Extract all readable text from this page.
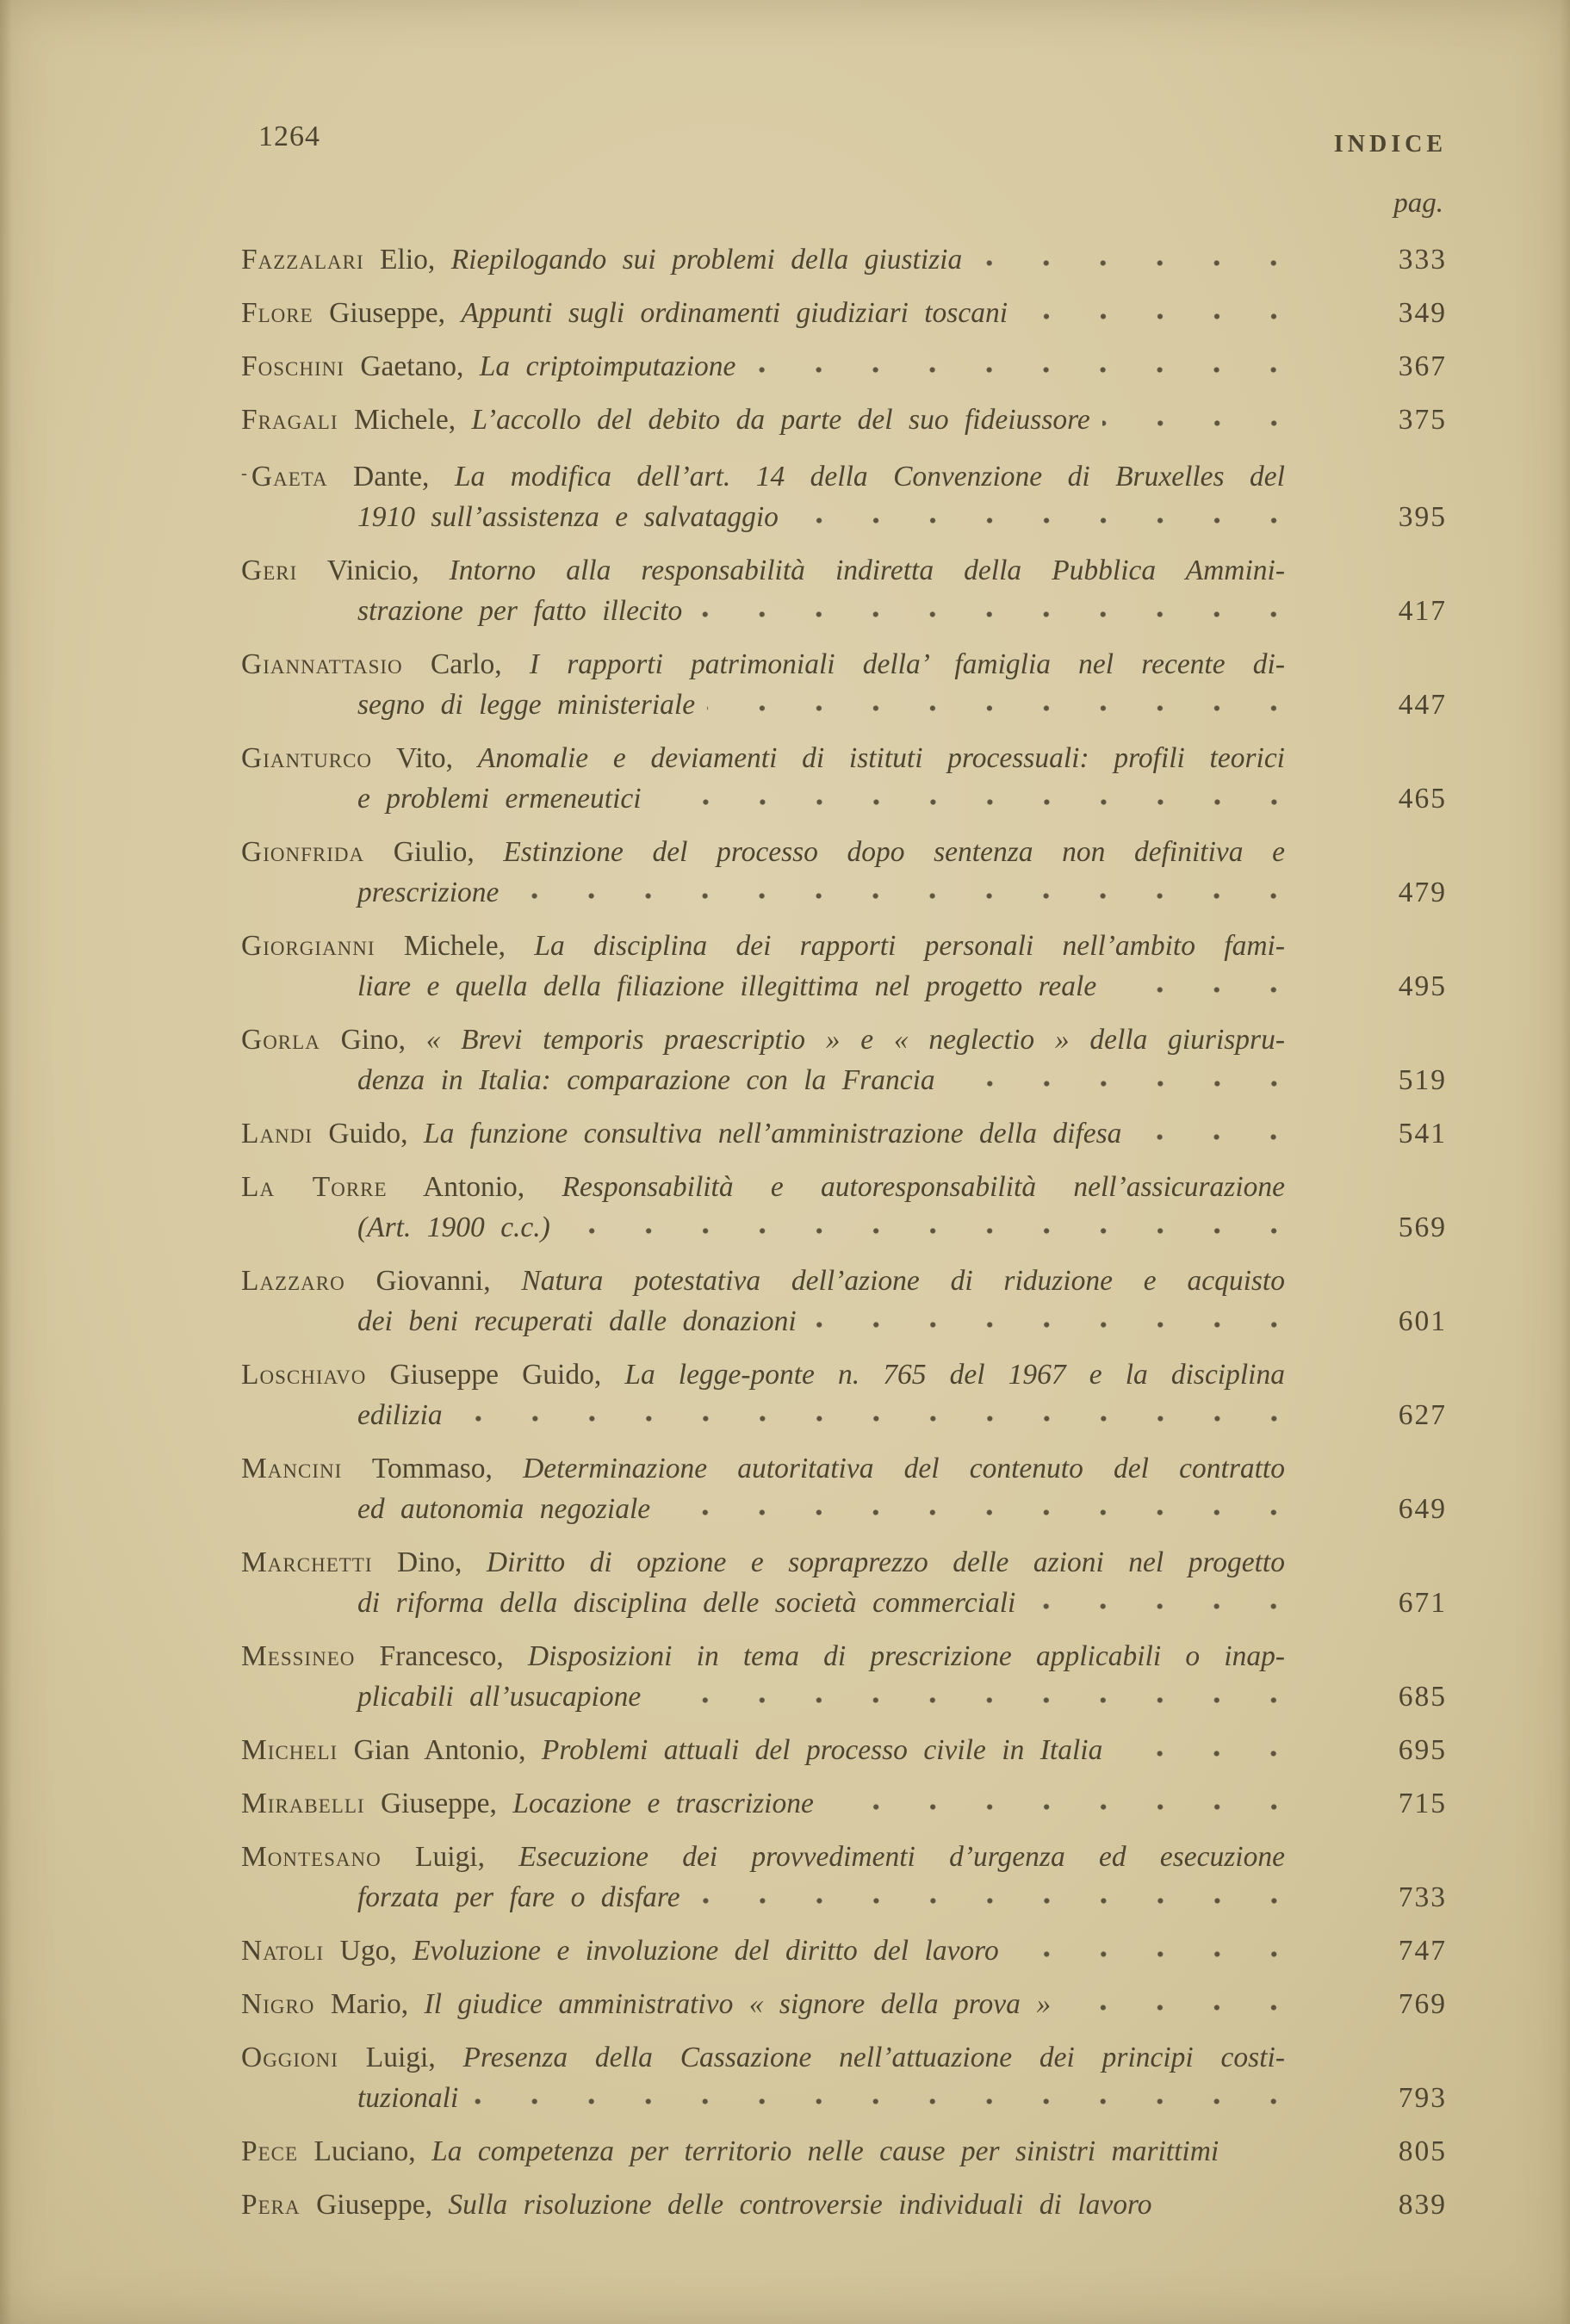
1264	INDICE
pag.
Fazzalari Elio, Riepilogando sui problemi della giustizia	333
Flore Giuseppe, Appunti sugli ordinamenti giudiziari toscani	349
Foschini Gaetano, La criptoimputazione	367
Fragali Michele, L’accollo del debito da parte del suo fideiussore	375
- Gaeta Dante, La modifica dell’art. 14 della Convenzione di Bruxelles del
1910 sull’assistenza e salvataggio	395
Geri Vinicio, Intorno alla responsabilità indiretta della Pubblica Ammini-
strazione per fatto illecito	417
Giannattasio Carlo, I rapporti patrimoniali della’ famiglia nel recente di-
segno di legge ministeriale	447
Gianturco Vito, Anomalie e deviamenti di istituti processuali: profili teorici
e problemi ermeneutici	465
Gionfrida Giulio, Estinzione del processo dopo sentenza non definitiva e
prescrizione	479
Giorgianni Michele, La disciplina dei rapporti personali nell’ambito fami-
liare e quella della filiazione illegittima nel progetto reale	495
Gorla Gino, « Brevi temporis praescriptio » e « neglectio » della giurispru-
denza in Italia: comparazione con la Francia	519
Landi Guido, La funzione consultiva nell’amministrazione della difesa	541
La Torre Antonio, Responsabilità e autoresponsabilità nell’assicurazione
(Art. 1900 c.c.)	569
Lazzaro Giovanni, Natura potestativa dell’azione di riduzione e acquisto
dei beni recuperati dalle donazioni	601
Loschiavo Giuseppe Guido, La legge-ponte n. 765 del 1967 e la disciplina
edilizia	627
Mancini Tommaso, Determinazione autoritativa del contenuto del contratto
ed autonomia negoziale	649
Marchetti Dino, Diritto di opzione e sopraprezzo delle azioni nel progetto
di riforma della disciplina delle società commerciali	671
Messineo Francesco, Disposizioni in tema di prescrizione applicabili o inap-
plicabili all’usucapione	685
Micheli Gian Antonio, Problemi attuali del processo civile in Italia	695
Mirabelli Giuseppe, Locazione e trascrizione	715
Montesano Luigi, Esecuzione dei provvedimenti d’urgenza ed esecuzione
forzata per fare o disfare	733
Natoli Ugo, Evoluzione e involuzione del diritto del lavoro	747
Nigro Mario, Il giudice amministrativo « signore della prova »	769
Oggioni Luigi, Presenza della Cassazione nell’attuazione dei principi costi-
tuzionali	793
Pece Luciano, La competenza per territorio nelle cause per sinistri marittimi	805
Pera Giuseppe, Sulla risoluzione delle controversie individuali di lavoro	839
